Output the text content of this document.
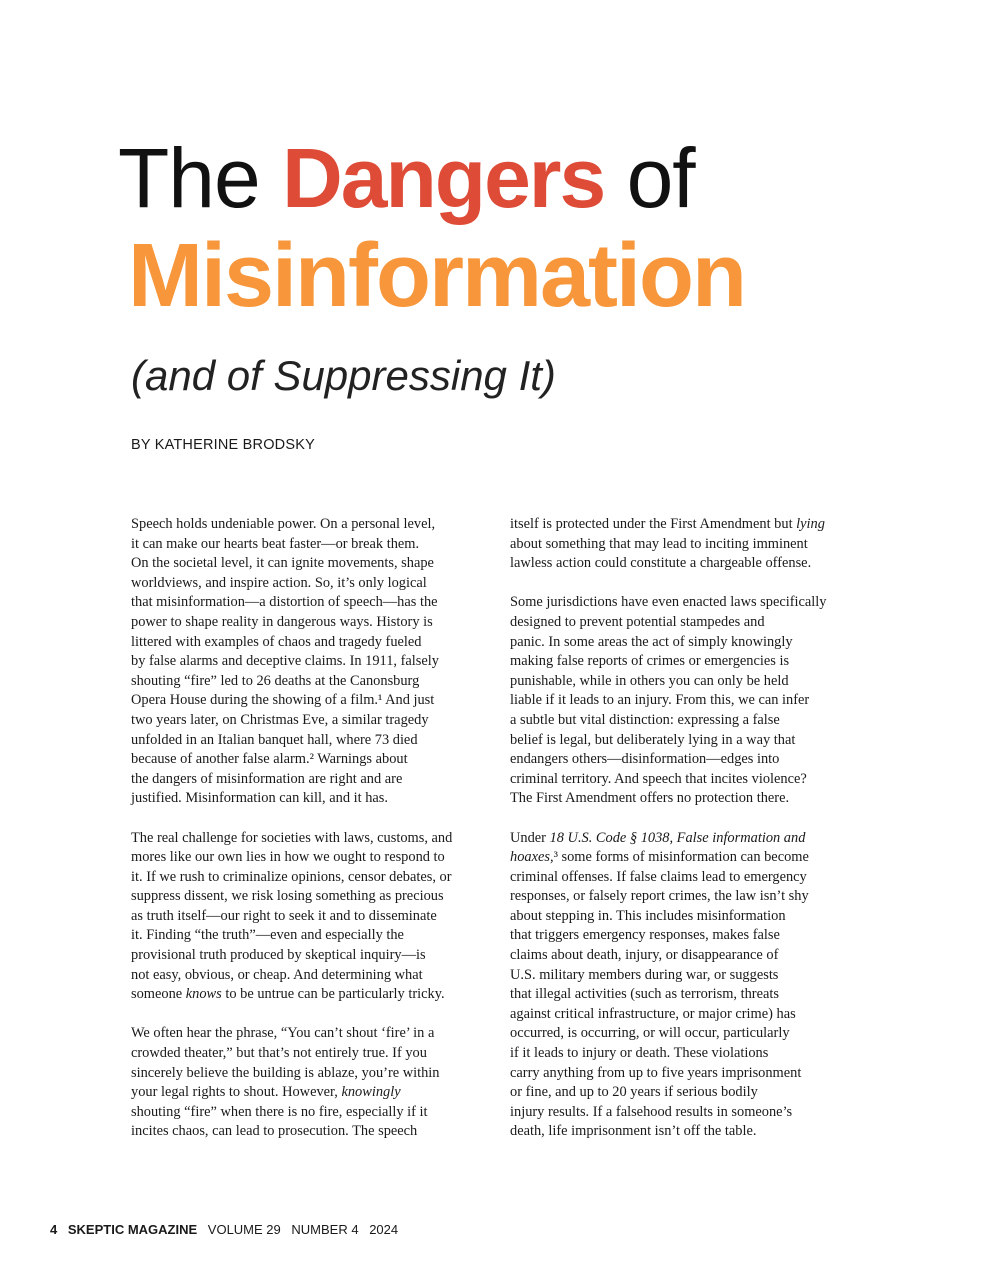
The Dangers of
Misinformation
(and of Suppressing It)
BY KATHERINE BRODSKY

Speech holds undeniable power. On a personal level,
it can make our hearts beat faster—or break them.
On the societal level, it can ignite movements, shape
worldviews, and inspire action. So, it’s only logical
that misinformation—a distortion of speech—has the
power to shape reality in dangerous ways. History is
littered with examples of chaos and tragedy fueled
by false alarms and deceptive claims. In 1911, falsely
shouting “fire” led to 26 deaths at the Canonsburg
Opera House during the showing of a film.¹ And just
two years later, on Christmas Eve, a similar tragedy
unfolded in an Italian banquet hall, where 73 died
because of another false alarm.² Warnings about
the dangers of misinformation are right and are
justified. Misinformation can kill, and it has.

The real challenge for societies with laws, customs, and
mores like our own lies in how we ought to respond to
it. If we rush to criminalize opinions, censor debates, or
suppress dissent, we risk losing something as precious
as truth itself—our right to seek it and to disseminate
it. Finding “the truth”—even and especially the
provisional truth produced by skeptical inquiry—is
not easy, obvious, or cheap. And determining what
someone knows to be untrue can be particularly tricky.

We often hear the phrase, “You can’t shout ‘fire’ in a
crowded theater,” but that’s not entirely true. If you
sincerely believe the building is ablaze, you’re within
your legal rights to shout. However, knowingly
shouting “fire” when there is no fire, especially if it
incites chaos, can lead to prosecution. The speech

itself is protected under the First Amendment but lying
about something that may lead to inciting imminent
lawless action could constitute a chargeable offense.

Some jurisdictions have even enacted laws specifically
designed to prevent potential stampedes and
panic. In some areas the act of simply knowingly
making false reports of crimes or emergencies is
punishable, while in others you can only be held
liable if it leads to an injury. From this, we can infer
a subtle but vital distinction: expressing a false
belief is legal, but deliberately lying in a way that
endangers others—disinformation—edges into
criminal territory. And speech that incites violence?
The First Amendment offers no protection there.

Under 18 U.S. Code § 1038, False information and
hoaxes,³ some forms of misinformation can become
criminal offenses. If false claims lead to emergency
responses, or falsely report crimes, the law isn’t shy
about stepping in. This includes misinformation
that triggers emergency responses, makes false
claims about death, injury, or disappearance of
U.S. military members during war, or suggests
that illegal activities (such as terrorism, threats
against critical infrastructure, or major crime) has
occurred, is occurring, or will occur, particularly
if it leads to injury or death. These violations
carry anything from up to five years imprisonment
or fine, and up to 20 years if serious bodily
injury results. If a falsehood results in someone’s
death, life imprisonment isn’t off the table.

4 SKEPTIC MAGAZINE VOLUME 29 NUMBER 4 2024
